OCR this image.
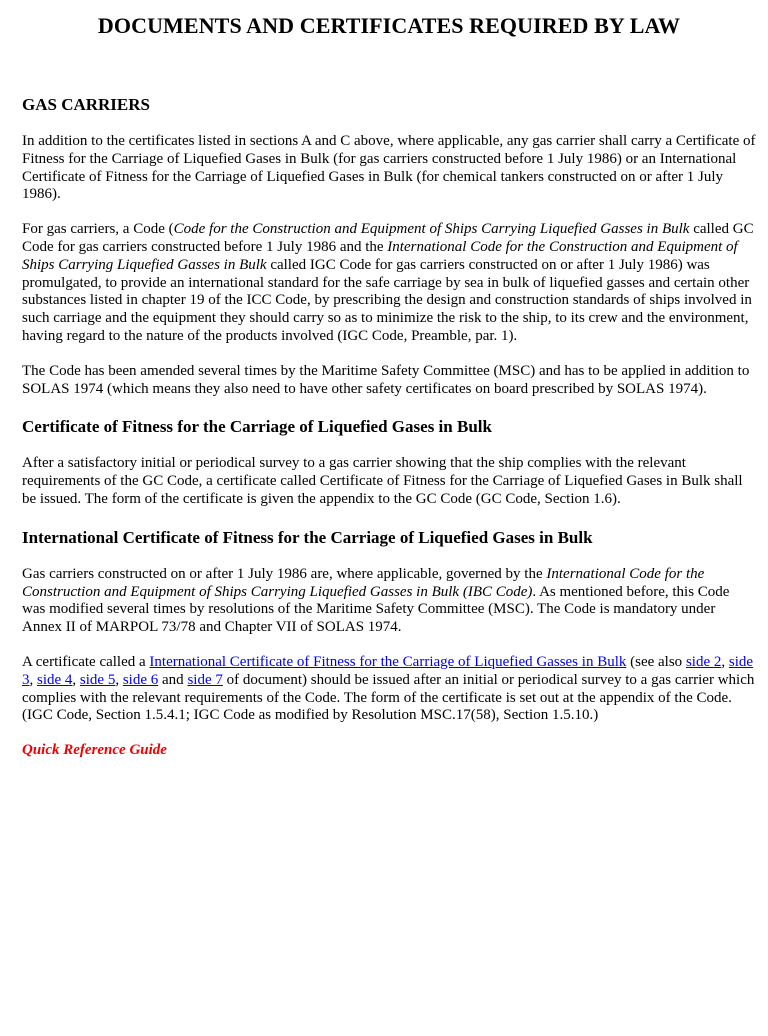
DOCUMENTS AND CERTIFICATES REQUIRED BY LAW
GAS CARRIERS

In addition to the certificates listed in sections A and C above, where applicable, any gas carrier shall carry a Certificate of Fitness for the Carriage of Liquefied Gases in Bulk (for gas carriers constructed before 1 July 1986) or an International Certificate of Fitness for the Carriage of Liquefied Gases in Bulk (for chemical tankers constructed on or after 1 July 1986).

For gas carriers, a Code (Code for the Construction and Equipment of Ships Carrying Liquefied Gasses in Bulk called GC Code for gas carriers constructed before 1 July 1986 and the International Code for the Construction and Equipment of Ships Carrying Liquefied Gasses in Bulk called IGC Code for gas carriers constructed on or after 1 July 1986) was promulgated, to provide an international standard for the safe carriage by sea in bulk of liquefied gasses and certain other substances listed in chapter 19 of the ICC Code, by prescribing the design and construction standards of ships involved in such carriage and the equipment they should carry so as to minimize the risk to the ship, to its crew and the environment, having regard to the nature of the products involved (IGC Code, Preamble, par. 1).

The Code has been amended several times by the Maritime Safety Committee (MSC) and has to be applied in addition to SOLAS 1974 (which means they also need to have other safety certificates on board prescribed by SOLAS 1974).

Certificate of Fitness for the Carriage of Liquefied Gases in Bulk

After a satisfactory initial or periodical survey to a gas carrier showing that the ship complies with the relevant requirements of the GC Code, a certificate called Certificate of Fitness for the Carriage of Liquefied Gases in Bulk shall be issued. The form of the certificate is given the appendix to the GC Code (GC Code, Section 1.6).

International Certificate of Fitness for the Carriage of Liquefied Gases in Bulk

Gas carriers constructed on or after 1 July 1986 are, where applicable, governed by the International Code for the Construction and Equipment of Ships Carrying Liquefied Gasses in Bulk (IBC Code). As mentioned before, this Code was modified several times by resolutions of the Maritime Safety Committee (MSC). The Code is mandatory under Annex II of MARPOL 73/78 and Chapter VII of SOLAS 1974.

A certificate called a International Certificate of Fitness for the Carriage of Liquefied Gasses in Bulk (see also side 2, side 3, side 4, side 5, side 6 and side 7 of document) should be issued after an initial or periodical survey to a gas carrier which complies with the relevant requirements of the Code. The form of the certificate is set out at the appendix of the Code. (IGC Code, Section 1.5.4.1; IGC Code as modified by Resolution MSC.17(58), Section 1.5.10.)

Quick Reference Guide
